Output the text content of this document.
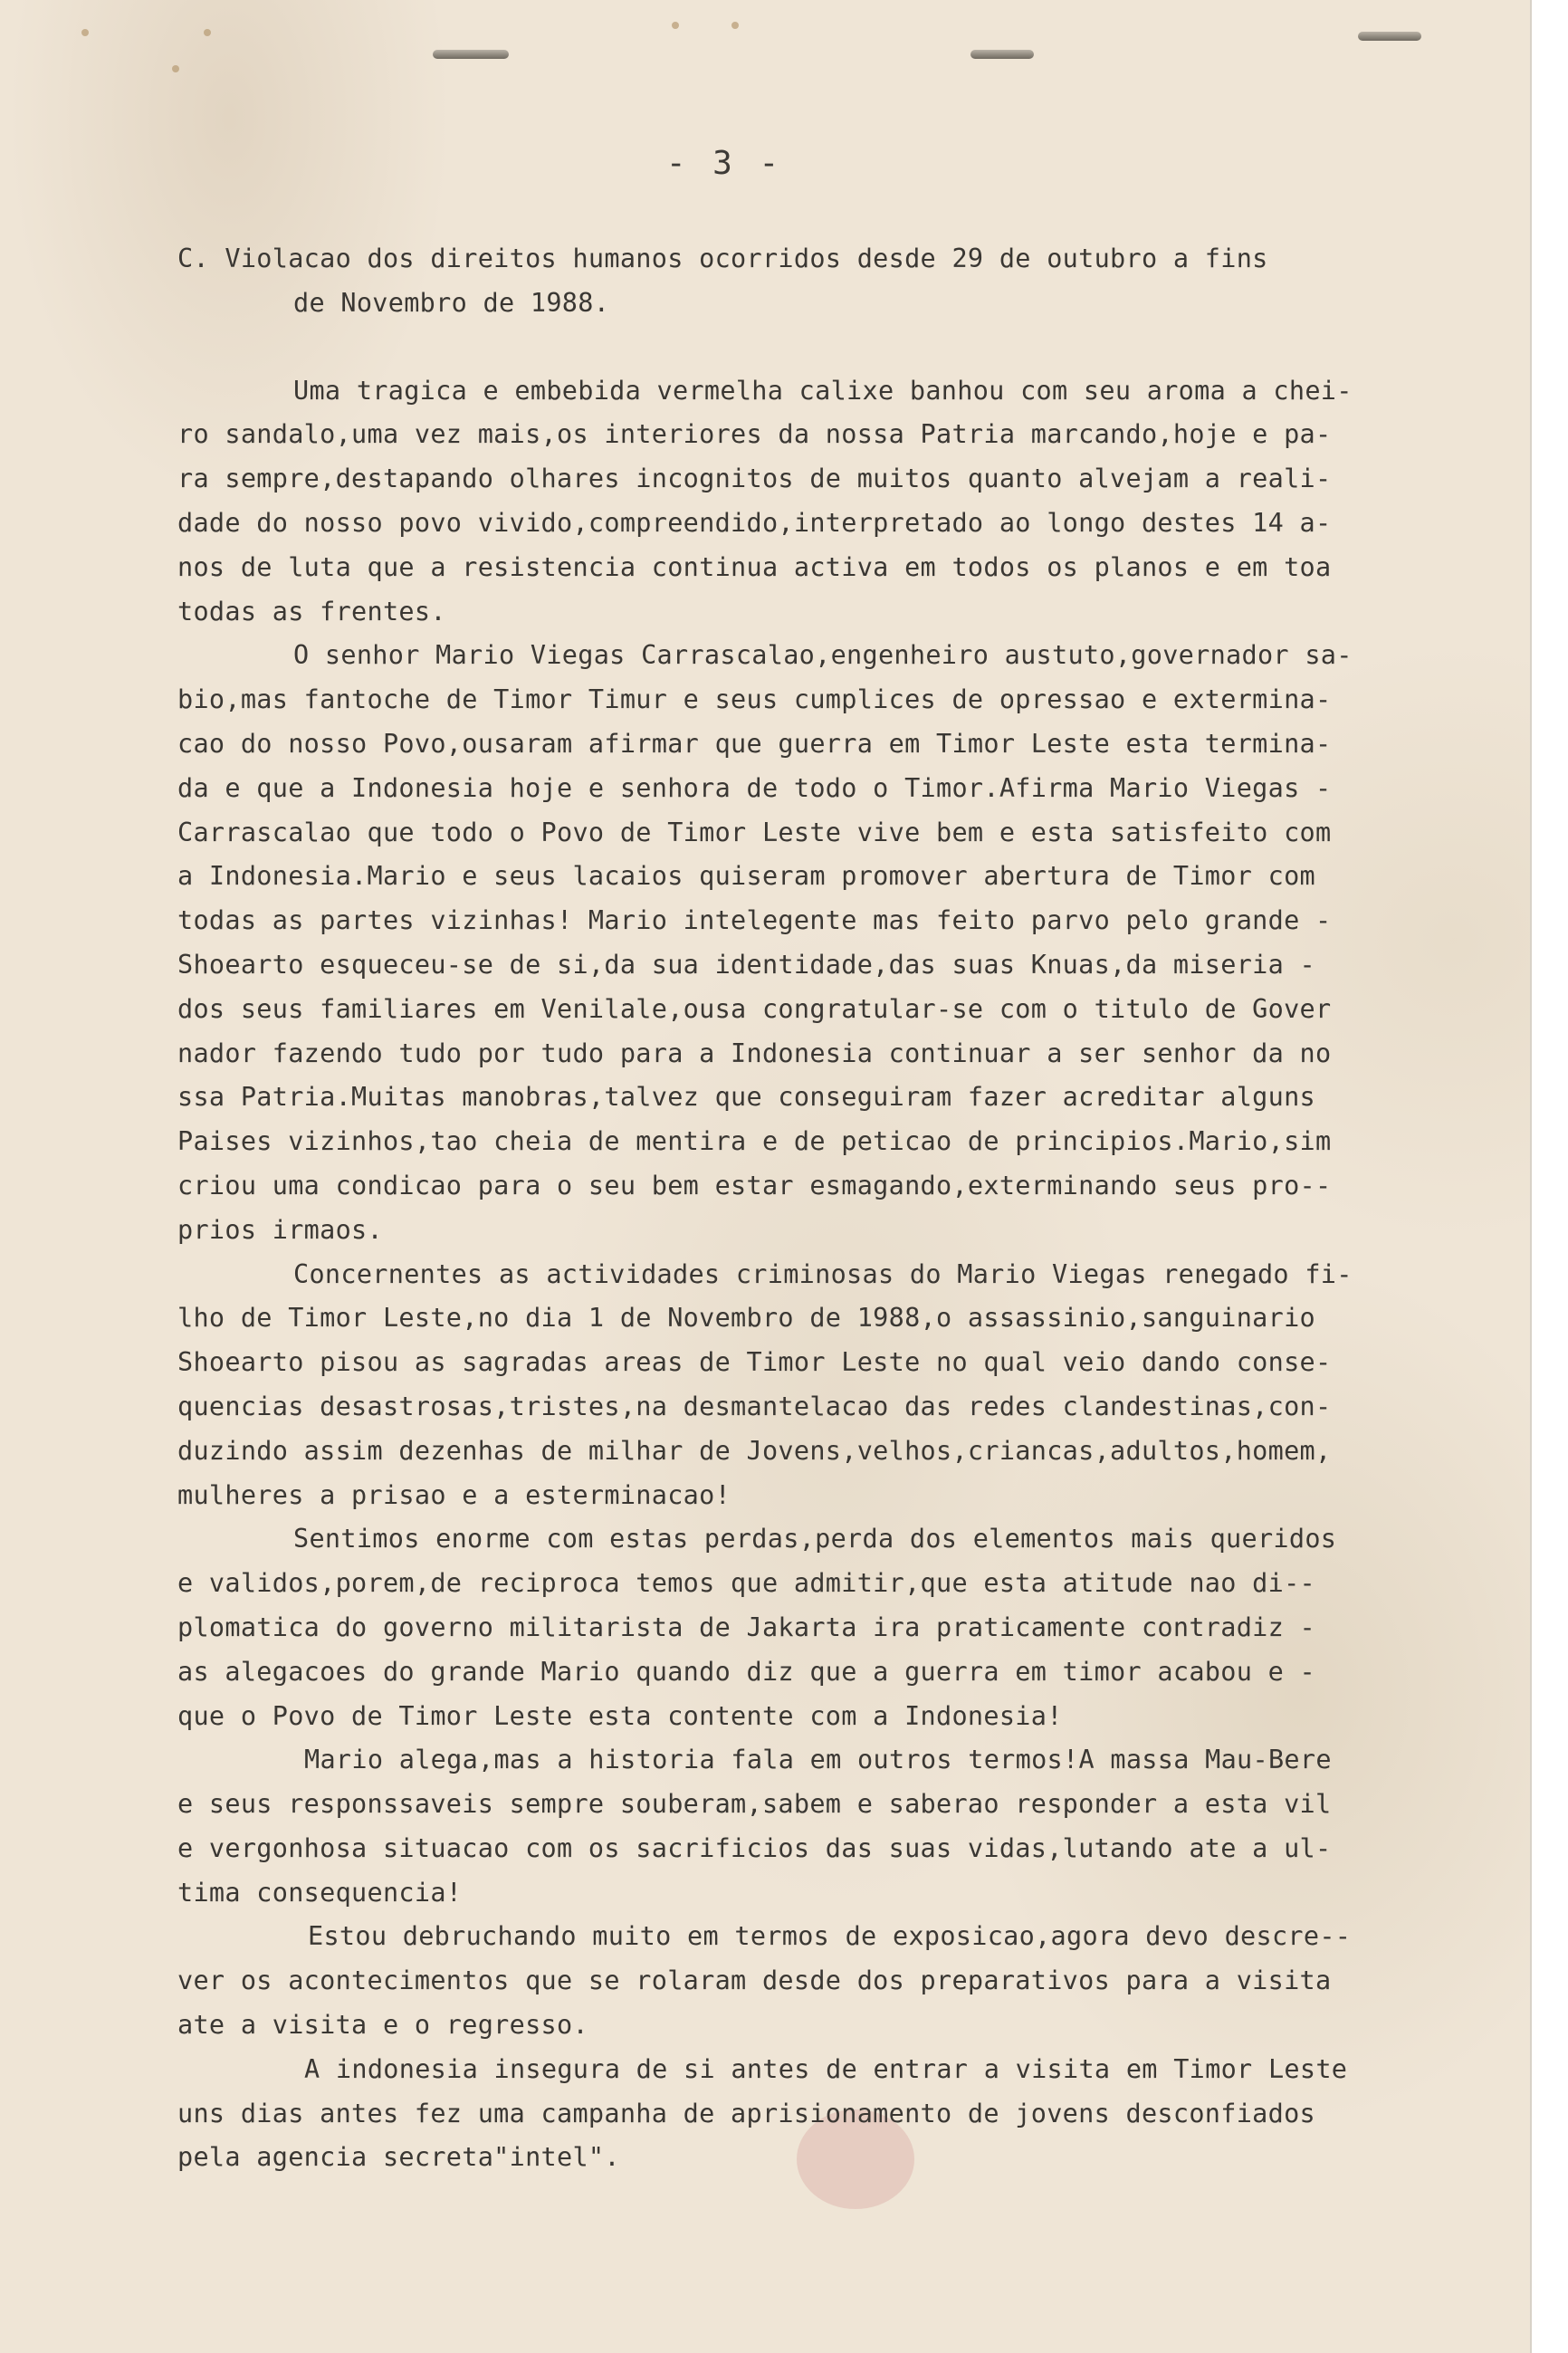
- 3 -

C. Violacao dos direitos humanos ocorridos desde 29 de outubro a fins

de Novembro de 1988.

Uma tragica e embebida vermelha calixe banhou com seu aroma a chei-
ro sandalo,uma vez mais,os interiores da nossa Patria marcando,hoje e pa-
ra sempre,destapando olhares incognitos de muitos quanto alvejam a reali-
dade do nosso povo vivido,compreendido,interpretado ao longo destes 14 a-
nos de luta que a resistencia continua activa em todos os planos e em toa
todas as frentes.

O senhor Mario Viegas Carrascalao,engenheiro austuto,governador sa-
bio,mas fantoche de Timor Timur e seus cumplices de opressao e extermina-
cao do nosso Povo,ousaram afirmar que guerra em Timor Leste esta termina-
da e que a Indonesia hoje e senhora de todo o Timor.Afirma Mario Viegas -
Carrascalao que todo o Povo de Timor Leste vive bem e esta satisfeito com
a Indonesia.Mario e seus lacaios quiseram promover abertura de Timor com
todas as partes vizinhas! Mario intelegente mas feito parvo pelo grande -
Shoearto esqueceu-se de si,da sua identidade,das suas Knuas,da miseria -
dos seus familiares em Venilale,ousa congratular-se com o titulo de Gover
nador fazendo tudo por tudo para a Indonesia continuar a ser senhor da no
ssa Patria.Muitas manobras,talvez que conseguiram fazer acreditar alguns
Paises vizinhos,tao cheia de mentira e de peticao de principios.Mario,sim
criou uma condicao para o seu bem estar esmagando,exterminando seus pro--
prios irmaos.

Concernentes as actividades criminosas do Mario Viegas renegado fi-
lho de Timor Leste,no dia 1 de Novembro de 1988,o assassinio,sanguinario
Shoearto pisou as sagradas areas de Timor Leste no qual veio dando conse-
quencias desastrosas,tristes,na desmantelacao das redes clandestinas,con-
duzindo assim dezenhas de milhar de Jovens,velhos,criancas,adultos,homem,
mulheres a prisao e a esterminacao!

Sentimos enorme com estas perdas,perda dos elementos mais queridos
e validos,porem,de reciproca temos que admitir,que esta atitude nao di--
plomatica do governo militarista de Jakarta ira praticamente contradiz -
as alegacoes do grande Mario quando diz que a guerra em timor acabou e -
que o Povo de Timor Leste esta contente com a Indonesia!

Mario alega,mas a historia fala em outros termos!A massa Mau-Bere
e seus responssaveis sempre souberam,sabem e saberao responder a esta vil
e vergonhosa situacao com os sacrificios das suas vidas,lutando ate a ul-
tima consequencia!

Estou debruchando muito em termos de exposicao,agora devo descre--
ver os acontecimentos que se rolaram desde dos preparativos para a visita
ate a visita e o regresso.

A indonesia insegura de si antes de entrar a visita em Timor Leste
uns dias antes fez uma campanha de aprisionamento de jovens desconfiados
pela agencia secreta"intel".
